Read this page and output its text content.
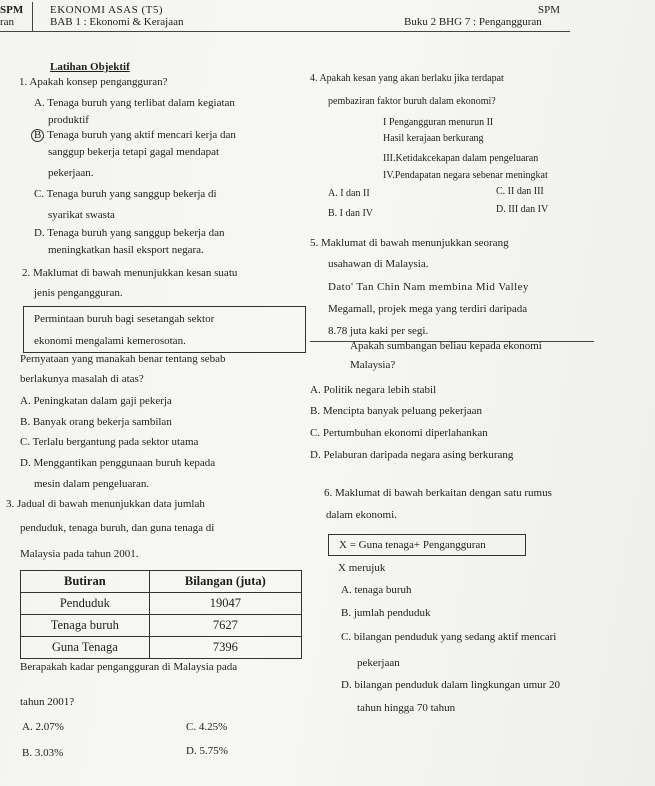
SPM
ran
EKONOMI ASAS (T5)
BAB 1 : Ekonomi & Kerajaan
SPM
Buku 2 BHG 7 : Pengangguran
Latihan Objektif
1. Apakah konsep pengangguran?
A. Tenaga buruh yang terlibat dalam kegiatan
produktif
B . Tenaga buruh yang aktif mencari kerja dan
sanggup bekerja tetapi gagal mendapat
pekerjaan.
C. Tenaga buruh yang sanggup bekerja di
syarikat swasta
D. Tenaga buruh yang sanggup bekerja dan
meningkatkan hasil eksport negara.
2. Maklumat di bawah menunjukkan kesan suatu
jenis pengangguran.
Permintaan buruh bagi sesetangah sektor
ekonomi mengalami kemerosotan.
Pernyataan yang manakah benar tentang sebab
berlakunya masalah di atas?
A. Peningkatan dalam gaji pekerja
B. Banyak orang bekerja sambilan
C. Terlalu bergantung pada sektor utama
D. Menggantikan penggunaan buruh kepada
mesin dalam pengeluaran.
3. Jadual di bawah menunjukkan data jumlah
penduduk, tenaga buruh, dan guna tenaga di
Malaysia pada tahun 2001.
Butiran	Bilangan (juta)
Penduduk	19047
Tenaga buruh	7627
Guna Tenaga	7396
Berapakah kadar pengangguran di Malaysia pada
tahun 2001?
A. 2.07%	C. 4.25%
B. 3.03%	D. 5.75%
4. Apakah kesan yang akan berlaku jika terdapat
pembaziran faktor buruh dalam ekonomi?
I Pengangguran menurun II
Hasil kerajaan berkurang
III.Ketidakcekapan dalam pengeluaran
IV.Pendapatan negara sebenar meningkat
A. I dan II	C. II dan III
B. I dan IV	D. III dan IV
5. Maklumat di bawah menunjukkan seorang
usahawan di Malaysia.
Dato' Tan Chin Nam membina Mid Valley
Megamall, projek mega yang terdiri daripada
8.78 juta kaki per segi.
Apakah sumbangan beliau kepada ekonomi
Malaysia?
A. Politik negara lebih stabil
B. Mencipta banyak peluang pekerjaan
C. Pertumbuhan ekonomi diperlahankan
D. Pelaburan daripada negara asing berkurang
6. Maklumat di bawah berkaitan dengan satu rumus
dalam ekonomi.
X = Guna tenaga+ Pengangguran
X merujuk
A. tenaga buruh
B. jumlah penduduk
C. bilangan penduduk yang sedang aktif mencari
pekerjaan
D. bilangan penduduk dalam lingkungan umur 20
tahun hingga 70 tahun
